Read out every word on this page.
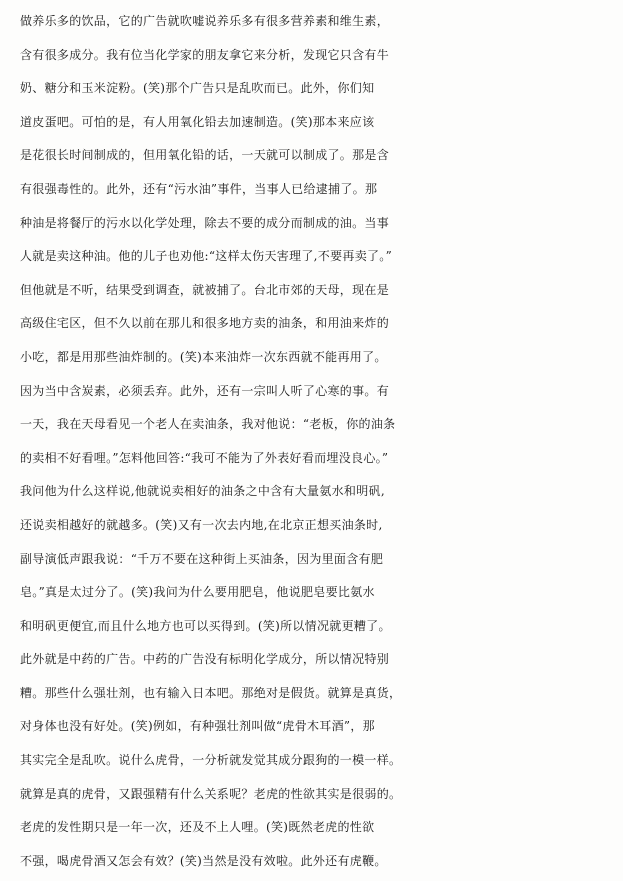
做养乐多的饮品，它的广告就吹嘘说养乐多有很多营养素和维生素，
含有很多成分。我有位当化学家的朋友拿它来分析，发现它只含有牛
奶、糖分和玉米淀粉。(笑)那个广告只是乱吹而已。此外，你们知
道皮蛋吧。可怕的是，有人用氧化铅去加速制造。(笑)那本来应该
是花很长时间制成的，但用氧化铅的话，一天就可以制成了。那是含
有很强毒性的。此外，还有“污水油”事件，当事人已给逮捕了。那
种油是将餐厅的污水以化学处理，除去不要的成分而制成的油。当事
人就是卖这种油。他的儿子也劝他:“这样太伤天害理了,不要再卖了。”
但他就是不听，结果受到调查，就被捕了。台北市郊的天母，现在是
高级住宅区，但不久以前在那儿和很多地方卖的油条，和用油来炸的
小吃，都是用那些油炸制的。(笑)本来油炸一次东西就不能再用了。
因为当中含炭素，必须丢弃。此外，还有一宗叫人听了心寒的事。有
一天，我在天母看见一个老人在卖油条，我对他说：“老板，你的油条
的卖相不好看哩。”怎料他回答:“我可不能为了外表好看而埋没良心。”
我问他为什么这样说,他就说卖相好的油条之中含有大量氨水和明矾,
还说卖相越好的就越多。(笑)又有一次去内地,在北京正想买油条时,
副导演低声跟我说：“千万不要在这种街上买油条，因为里面含有肥
皂。”真是太过分了。(笑)我问为什么要用肥皂，他说肥皂要比氨水
和明矾更便宜,而且什么地方也可以买得到。(笑)所以情况就更糟了。
此外就是中药的广告。中药的广告没有标明化学成分，所以情况特别
糟。那些什么强壮剂，也有输入日本吧。那绝对是假货。就算是真货，
对身体也没有好处。(笑)例如，有种强壮剂叫做“虎骨木耳酒”，那
其实完全是乱吹。说什么虎骨，一分析就发觉其成分跟狗的一模一样。
就算是真的虎骨，又跟强精有什么关系呢？老虎的性欲其实是很弱的。
老虎的发性期只是一年一次，还及不上人哩。(笑)既然老虎的性欲
不强，喝虎骨酒又怎会有效？(笑)当然是没有效啦。此外还有虎鞭。
